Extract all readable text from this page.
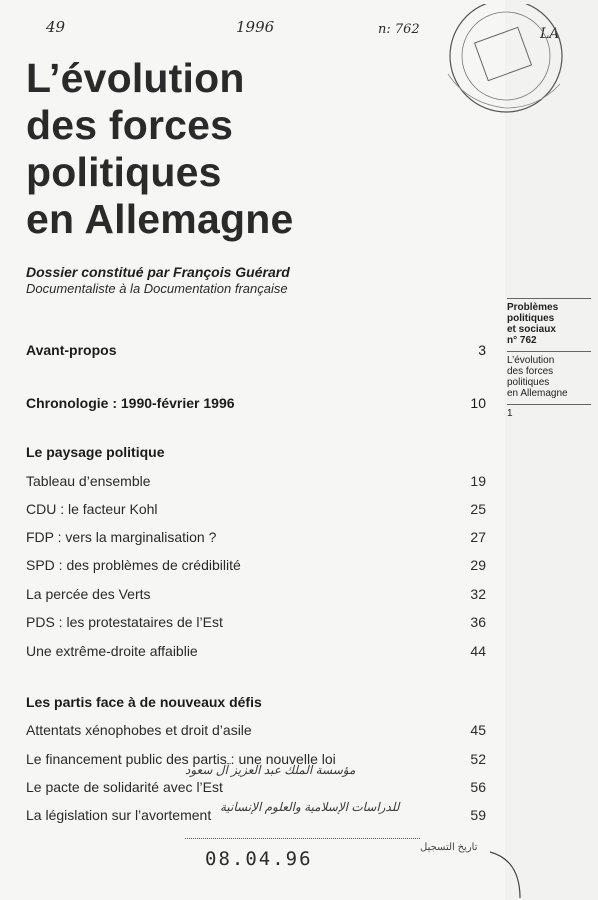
49	1996	n: 762	LA
L’évolution
des forces
politiques
en Allemagne
Dossier constitué par François Guérard
Documentaliste à la Documentation française
Problèmes
politiques
et sociaux
n° 762
L’évolution
des forces
politiques
en Allemagne
1
Avant-propos	3
Chronologie : 1990-février 1996	10
Le paysage politique
Tableau d’ensemble	19
CDU : le facteur Kohl	25
FDP : vers la marginalisation ?	27
SPD : des problèmes de crédibilité	29
La percée des Verts	32
PDS : les protestataires de l’Est	36
Une extrême-droite affaiblie	44
Les partis face à de nouveaux défis
Attentats xénophobes et droit d’asile	45
Le financement public des partis : une nouvelle loi	52
Le pacte de solidarité avec l’Est	56
La législation sur l’avortement	59
مؤسسة الملك عبد العزيز آل سعود
للدراسات الإسلامية والعلوم الإنسانية
08.04.96
تاريخ التسجيل
